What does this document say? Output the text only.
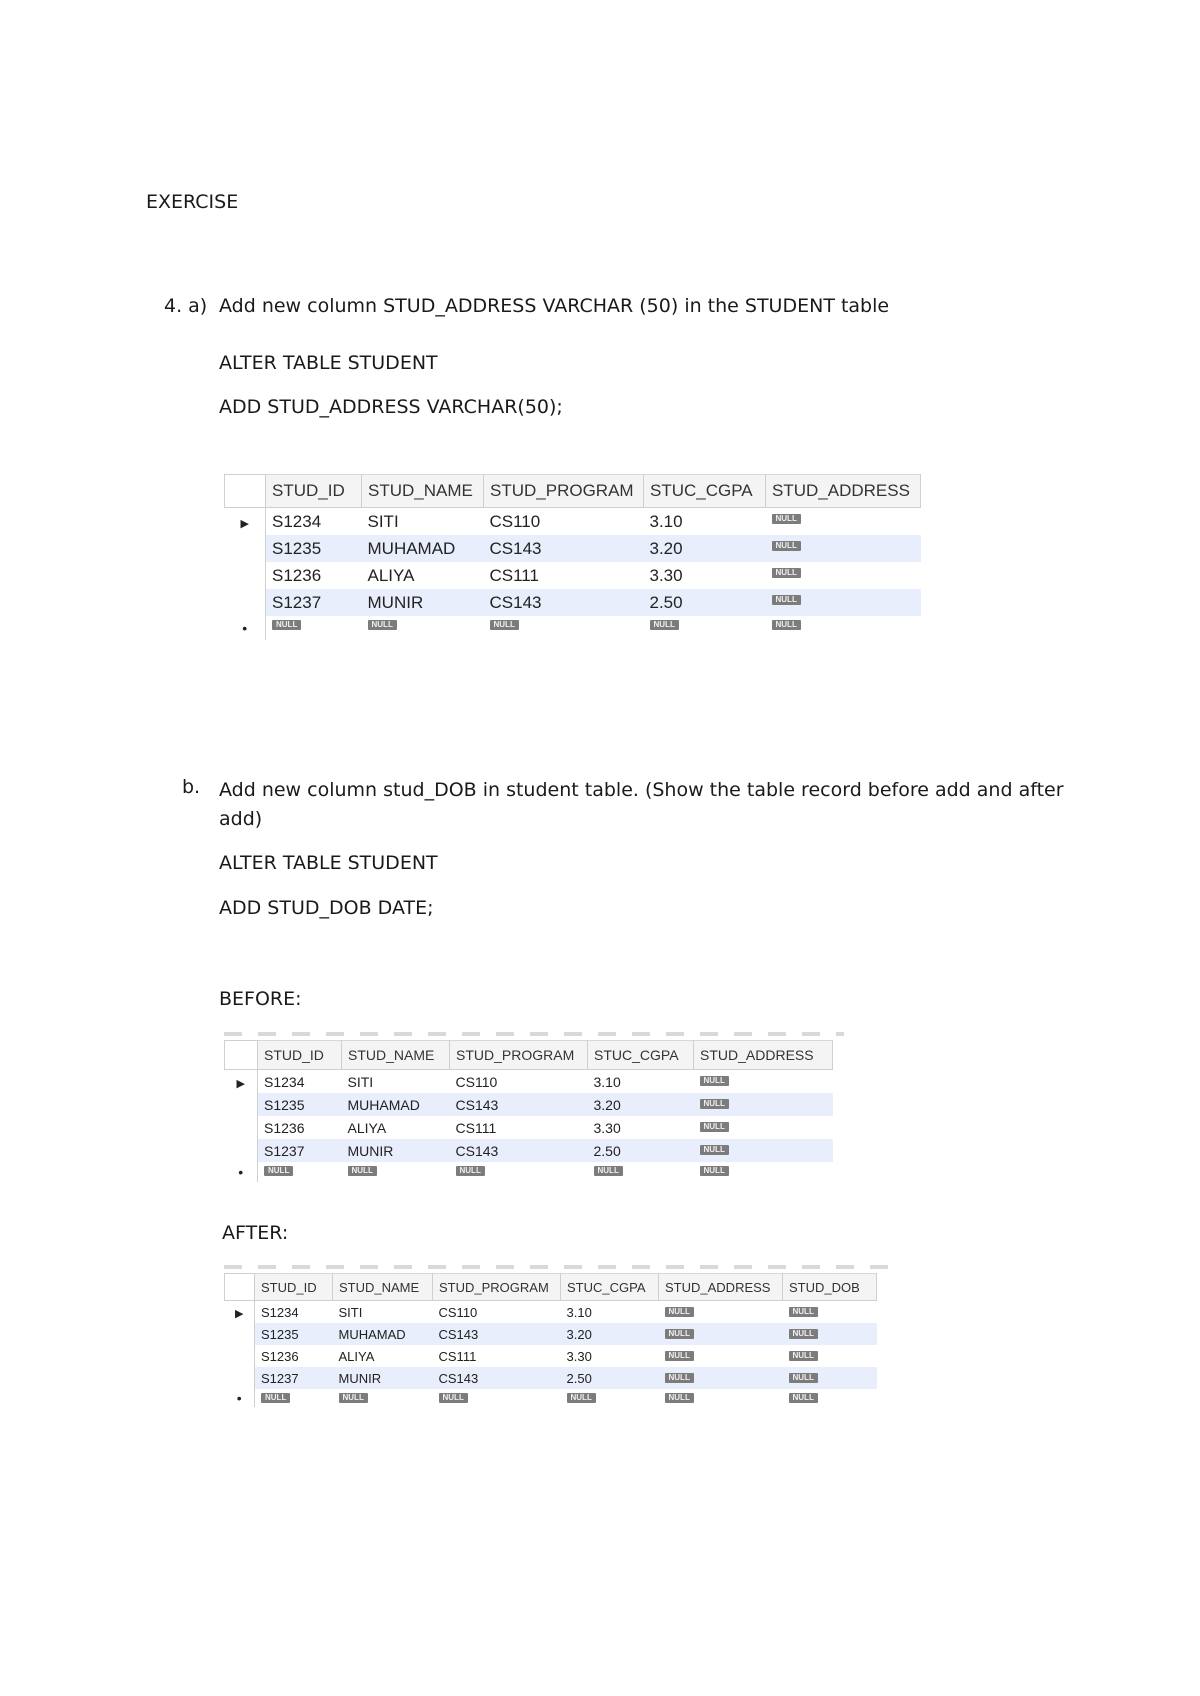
EXERCISE
4. a) Add new column STUD_ADDRESS VARCHAR (50) in the STUDENT table
ALTER TABLE STUDENT
ADD STUD_ADDRESS VARCHAR(50);
	STUD_ID	STUD_NAME	STUD_PROGRAM	STUC_CGPA	STUD_ADDRESS
▶	S1234	SITI	CS110	3.10	NULL
	S1235	MUHAMAD	CS143	3.20	NULL
	S1236	ALIYA	CS111	3.30	NULL
	S1237	MUNIR	CS143	2.50	NULL
•	NULL	NULL	NULL	NULL	NULL
b. Add new column stud_DOB in student table. (Show the table record before add and after add)
ALTER TABLE STUDENT
ADD STUD_DOB DATE;
BEFORE:
	STUD_ID	STUD_NAME	STUD_PROGRAM	STUC_CGPA	STUD_ADDRESS
▶	S1234	SITI	CS110	3.10	NULL
	S1235	MUHAMAD	CS143	3.20	NULL
	S1236	ALIYA	CS111	3.30	NULL
	S1237	MUNIR	CS143	2.50	NULL
•	NULL	NULL	NULL	NULL	NULL
AFTER:
	STUD_ID	STUD_NAME	STUD_PROGRAM	STUC_CGPA	STUD_ADDRESS	STUD_DOB
▶	S1234	SITI	CS110	3.10	NULL	NULL
	S1235	MUHAMAD	CS143	3.20	NULL	NULL
	S1236	ALIYA	CS111	3.30	NULL	NULL
	S1237	MUNIR	CS143	2.50	NULL	NULL
•	NULL	NULL	NULL	NULL	NULL	NULL
